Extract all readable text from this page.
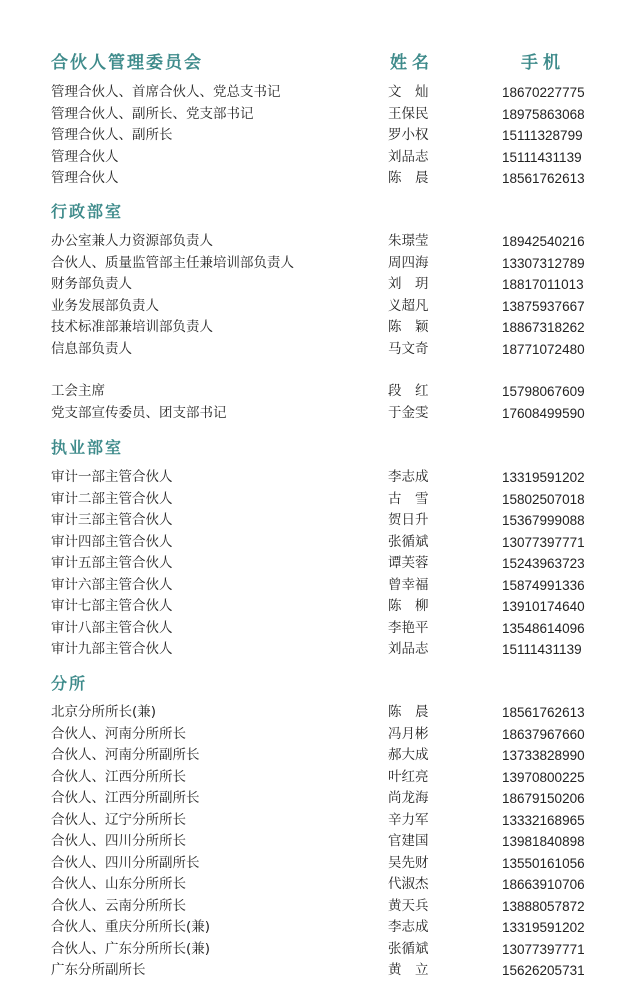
合伙人管理委员会	姓名	手机
管理合伙人、首席合伙人、党总支书记	文　灿	18670227775
管理合伙人、副所长、党支部书记	王保民	18975863068
管理合伙人、副所长	罗小权	15111328799
管理合伙人	刘品志	15111431139
管理合伙人	陈　晨	18561762613
行政部室
办公室兼人力资源部负责人	朱璟莹	18942540216
合伙人、质量监管部主任兼培训部负责人	周四海	13307312789
财务部负责人	刘　玥	18817011013
业务发展部负责人	义超凡	13875937667
技术标准部兼培训部负责人	陈　颖	18867318262
信息部负责人	马文奇	18771072480
工会主席	段　红	15798067609
党支部宣传委员、团支部书记	于金雯	17608499590
执业部室
审计一部主管合伙人	李志成	13319591202
审计二部主管合伙人	古　雪	15802507018
审计三部主管合伙人	贺日升	15367999088
审计四部主管合伙人	张循斌	13077397771
审计五部主管合伙人	谭芙蓉	15243963723
审计六部主管合伙人	曾幸福	15874991336
审计七部主管合伙人	陈　柳	13910174640
审计八部主管合伙人	李艳平	13548614096
审计九部主管合伙人	刘品志	15111431139
分所
北京分所所长(兼)	陈　晨	18561762613
合伙人、河南分所所长	冯月彬	18637967660
合伙人、河南分所副所长	郝大成	13733828990
合伙人、江西分所所长	叶红亮	13970800225
合伙人、江西分所副所长	尚龙海	18679150206
合伙人、辽宁分所所长	辛力军	13332168965
合伙人、四川分所所长	官建国	13981840898
合伙人、四川分所副所长	吴先财	13550161056
合伙人、山东分所所长	代淑杰	18663910706
合伙人、云南分所所长	黄天兵	13888057872
合伙人、重庆分所所长(兼)	李志成	13319591202
合伙人、广东分所所长(兼)	张循斌	13077397771
广东分所副所长	黄　立	15626205731
